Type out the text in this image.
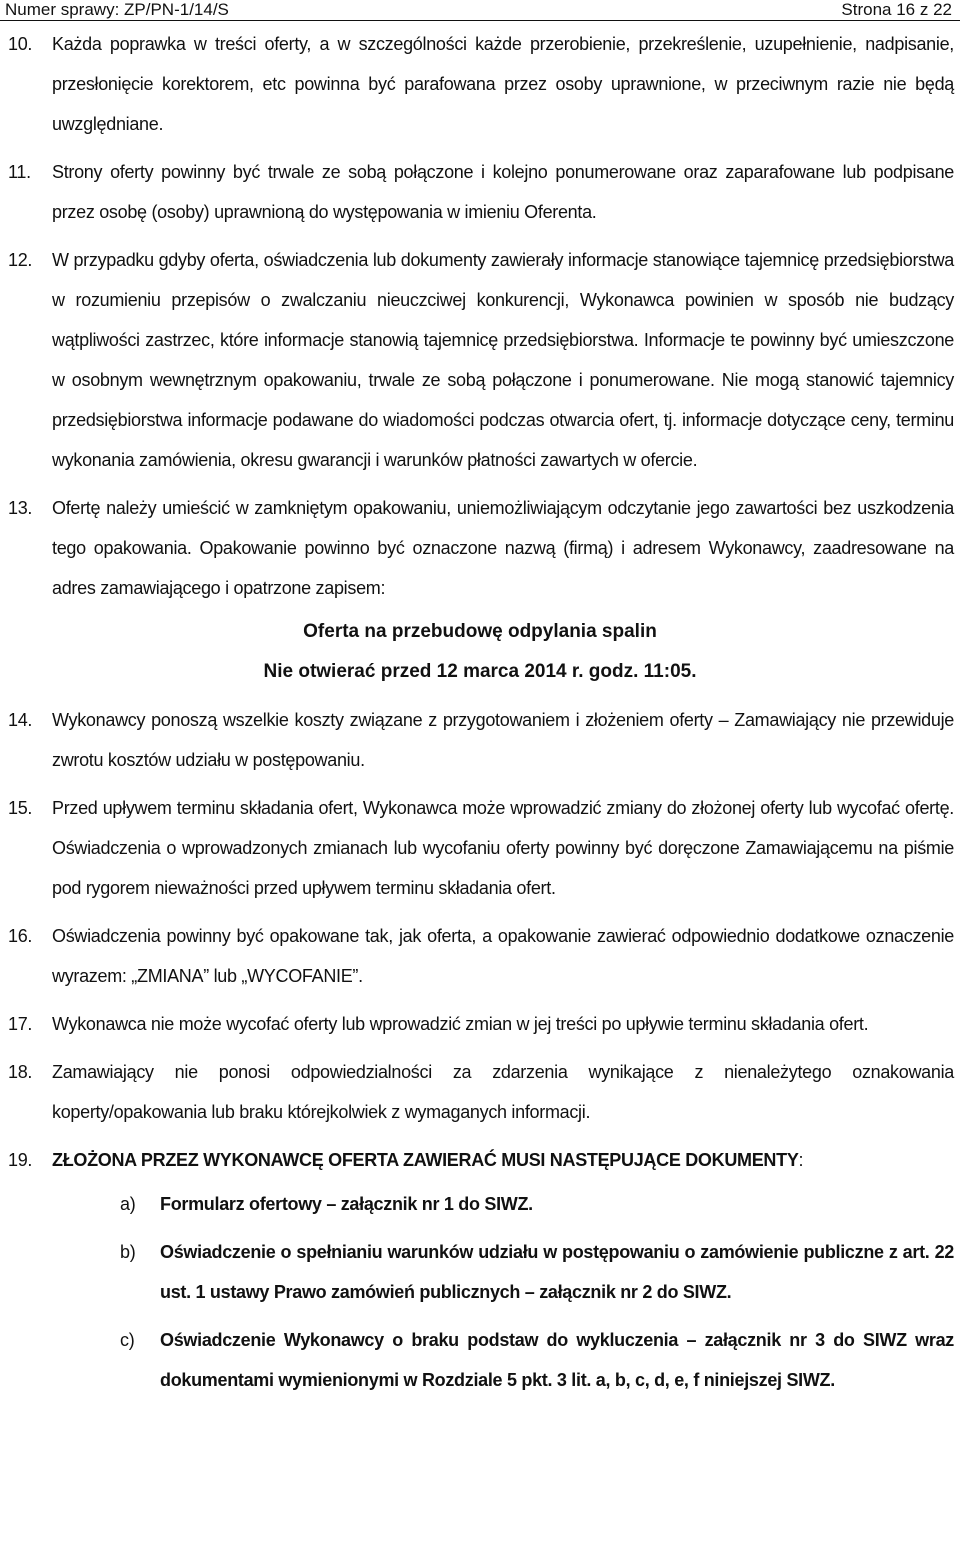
Numer sprawy: ZP/PN-1/14/S	Strona 16 z 22
10. Każda poprawka w treści oferty, a w szczególności każde przerobienie, przekreślenie, uzupełnienie, nadpisanie, przesłonięcie korektorem, etc powinna być parafowana przez osoby uprawnione, w przeciwnym razie nie będą uwzględniane.
11. Strony oferty powinny być trwale ze sobą połączone i kolejno ponumerowane oraz zaparafowane lub podpisane przez osobę (osoby) uprawnioną do występowania w imieniu Oferenta.
12. W przypadku gdyby oferta, oświadczenia lub dokumenty zawierały informacje stanowiące tajemnicę przedsiębiorstwa w rozumieniu przepisów o zwalczaniu nieuczciwej konkurencji, Wykonawca powinien w sposób nie budzący wątpliwości zastrzec, które informacje stanowią tajemnicę przedsiębiorstwa. Informacje te powinny być umieszczone w osobnym wewnętrznym opakowaniu, trwale ze sobą połączone i ponumerowane. Nie mogą stanowić tajemnicy przedsiębiorstwa informacje podawane do wiadomości podczas otwarcia ofert, tj. informacje dotyczące ceny, terminu wykonania zamówienia, okresu gwarancji i warunków płatności zawartych w ofercie.
13. Ofertę należy umieścić w zamkniętym opakowaniu, uniemożliwiającym odczytanie jego zawartości bez uszkodzenia tego opakowania. Opakowanie powinno być oznaczone nazwą (firmą) i adresem Wykonawcy, zaadresowane na adres zamawiającego i opatrzone zapisem:
Oferta na przebudowę odpylania spalin
Nie otwierać przed 12 marca 2014 r. godz. 11:05.
14. Wykonawcy ponoszą wszelkie koszty związane z przygotowaniem i złożeniem oferty – Zamawiający nie przewiduje zwrotu kosztów udziału w postępowaniu.
15. Przed upływem terminu składania ofert, Wykonawca może wprowadzić zmiany do złożonej oferty lub wycofać ofertę. Oświadczenia o wprowadzonych zmianach lub wycofaniu oferty powinny być doręczone Zamawiającemu na piśmie pod rygorem nieważności przed upływem terminu składania ofert.
16. Oświadczenia powinny być opakowane tak, jak oferta, a opakowanie zawierać odpowiednio dodatkowe oznaczenie wyrazem: „ZMIANA” lub „WYCOFANIE”.
17. Wykonawca nie może wycofać oferty lub wprowadzić zmian w jej treści po upływie terminu składania ofert.
18. Zamawiający nie ponosi odpowiedzialności za zdarzenia wynikające z nienależytego oznakowania koperty/opakowania lub braku którejkolwiek z wymaganych informacji.
19. ZŁOŻONA PRZEZ WYKONAWCĘ OFERTA ZAWIERAĆ MUSI NASTĘPUJĄCE DOKUMENTY:
a) Formularz ofertowy – załącznik nr 1 do SIWZ.
b) Oświadczenie o spełnianiu warunków udziału w postępowaniu o zamówienie publiczne z art. 22 ust. 1 ustawy Prawo zamówień publicznych – załącznik nr 2 do SIWZ.
c) Oświadczenie Wykonawcy o braku podstaw do wykluczenia – załącznik nr 3 do SIWZ wraz dokumentami wymienionymi w Rozdziale 5 pkt. 3 lit. a, b, c, d, e, f niniejszej SIWZ.
